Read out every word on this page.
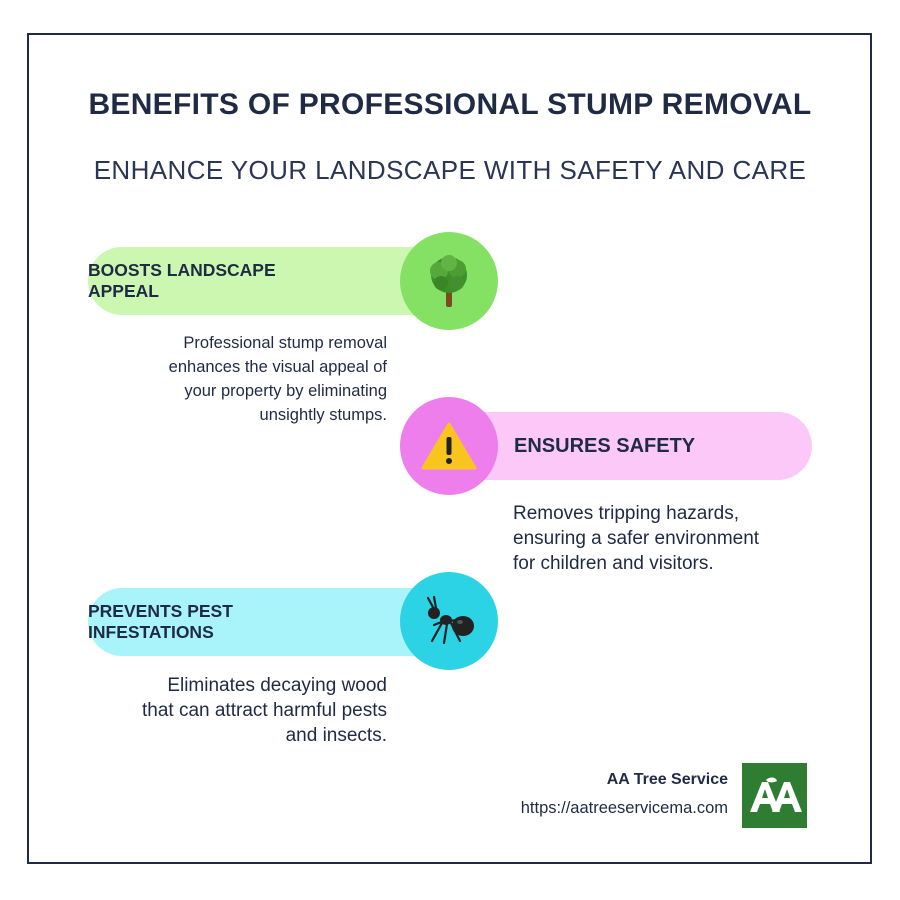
BENEFITS OF PROFESSIONAL STUMP REMOVAL
ENHANCE YOUR LANDSCAPE WITH SAFETY AND CARE
BOOSTS LANDSCAPE APPEAL
Professional stump removal
enhances the visual appeal of
your property by eliminating
unsightly stumps.
ENSURES SAFETY
Removes tripping hazards,
ensuring a safer environment
for children and visitors.
PREVENTS PEST INFESTATIONS
Eliminates decaying wood
that can attract harmful pests
and insects.
AA Tree Service
https://aatreeservicema.com
